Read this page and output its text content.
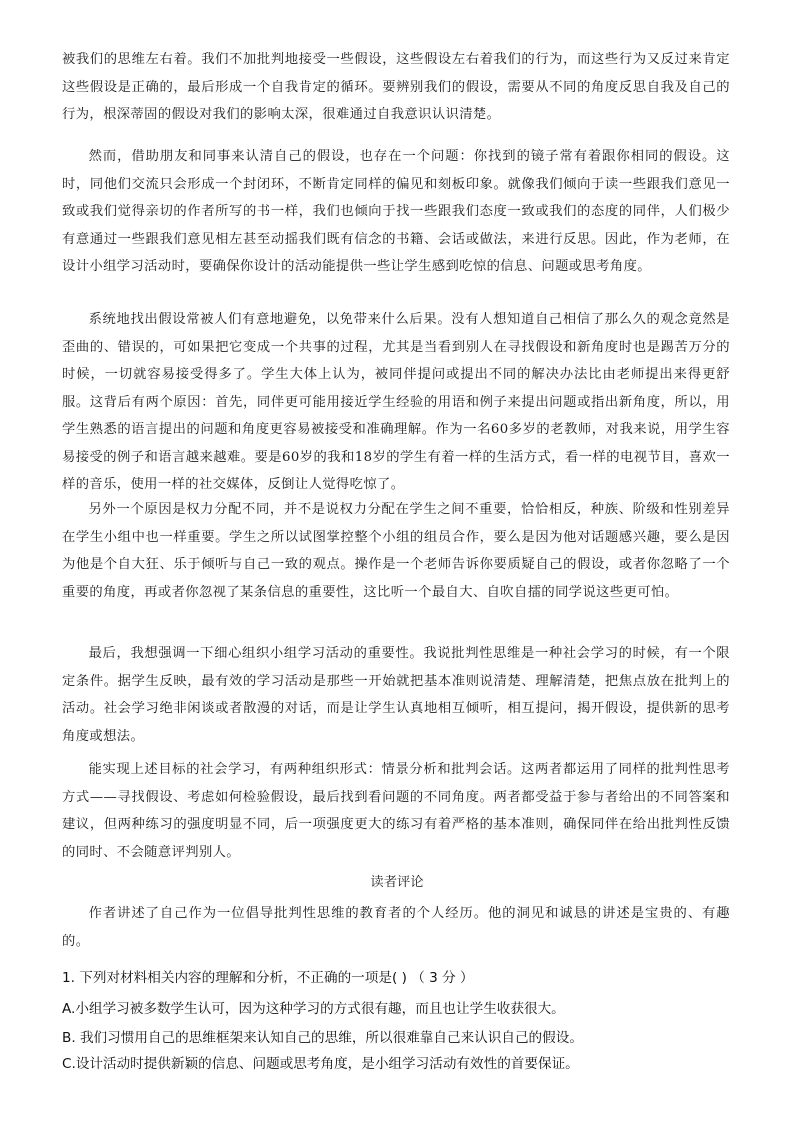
被我们的思维左右着。我们不加批判地接受一些假设，这些假设左右着我们的行为，而这些行为又反过来肯定这些假设是正确的，最后形成一个自我肯定的循环。要辨别我们的假设，需要从不同的角度反思自我及自己的行为，根深蒂固的假设对我们的影响太深，很难通过自我意识认识清楚。

然而，借助朋友和同事来认清自己的假设，也存在一个问题：你找到的镜子常有着跟你相同的假设。这时，同他们交流只会形成一个封闭环，不断肯定同样的偏见和刻板印象。就像我们倾向于读一些跟我们意见一致或我们觉得亲切的作者所写的书一样，我们也倾向于找一些跟我们态度一致或我们的态度的同伴，人们极少有意通过一些跟我们意见相左甚至动摇我们既有信念的书籍、会话或做法，来进行反思。因此，作为老师，在设计小组学习活动时，要确保你设计的活动能提供一些让学生感到吃惊的信息、问题或思考角度。

系统地找出假设常被人们有意地避免，以免带来什么后果。没有人想知道自己相信了那么久的观念竟然是歪曲的、错误的，可如果把它变成一个共事的过程，尤其是当看到别人在寻找假设和新角度时也是踢苦万分的时候，一切就容易接受得多了。学生大体上认为，被同伴提问或提出不同的解决办法比由老师提出来得更舒服。这背后有两个原因：首先，同伴更可能用接近学生经验的用语和例子来提出问题或指出新角度，所以，用学生熟悉的语言提出的问题和角度更容易被接受和准确理解。作为一名60多岁的老教师，对我来说，用学生容易接受的例子和语言越来越难。要是60岁的我和18岁的学生有着一样的生活方式，看一样的电视节目，喜欢一样的音乐，使用一样的社交媒体，反倒让人觉得吃惊了。

另外一个原因是权力分配不同，并不是说权力分配在学生之间不重要，恰恰相反，种族、阶级和性别差异在学生小组中也一样重要。学生之所以试图掌控整个小组的组员合作，要么是因为他对话题感兴趣，要么是因为他是个自大狂、乐于倾听与自己一致的观点。操作是一个老师告诉你要质疑自己的假设，或者你忽略了一个重要的角度，再或者你忽视了某条信息的重要性，这比听一个最自大、自吹自擂的同学说这些更可怕。

最后，我想强调一下细心组织小组学习活动的重要性。我说批判性思维是一种社会学习的时候，有一个限定条件。据学生反映，最有效的学习活动是那些一开始就把基本准则说清楚、理解清楚，把焦点放在批判上的活动。社会学习绝非闲谈或者散漫的对话，而是让学生认真地相互倾听，相互提问，揭开假设，提供新的思考角度或想法。

能实现上述目标的社会学习，有两种组织形式：情景分析和批判会话。这两者都运用了同样的批判性思考方式——寻找假设、考虑如何检验假设，最后找到看问题的不同角度。两者都受益于参与者给出的不同答案和建议，但两种练习的强度明显不同，后一项强度更大的练习有着严格的基本准则，确保同伴在给出批判性反馈的同时、不会随意评判别人。

读者评论

作者讲述了自己作为一位倡导批判性思维的教育者的个人经历。他的洞见和诚恳的讲述是宝贵的、有趣的。

1. 下列对材料相关内容的理解和分析，不正确的一项是( ) （ 3 分 ）

A.小组学习被多数学生认可，因为这种学习的方式很有趣，而且也让学生收获很大。

B. 我们习惯用自己的思维框架来认知自己的思维，所以很难靠自己来认识自己的假设。

C.设计活动时提供新颖的信息、问题或思考角度，是小组学习活动有效性的首要保证。
